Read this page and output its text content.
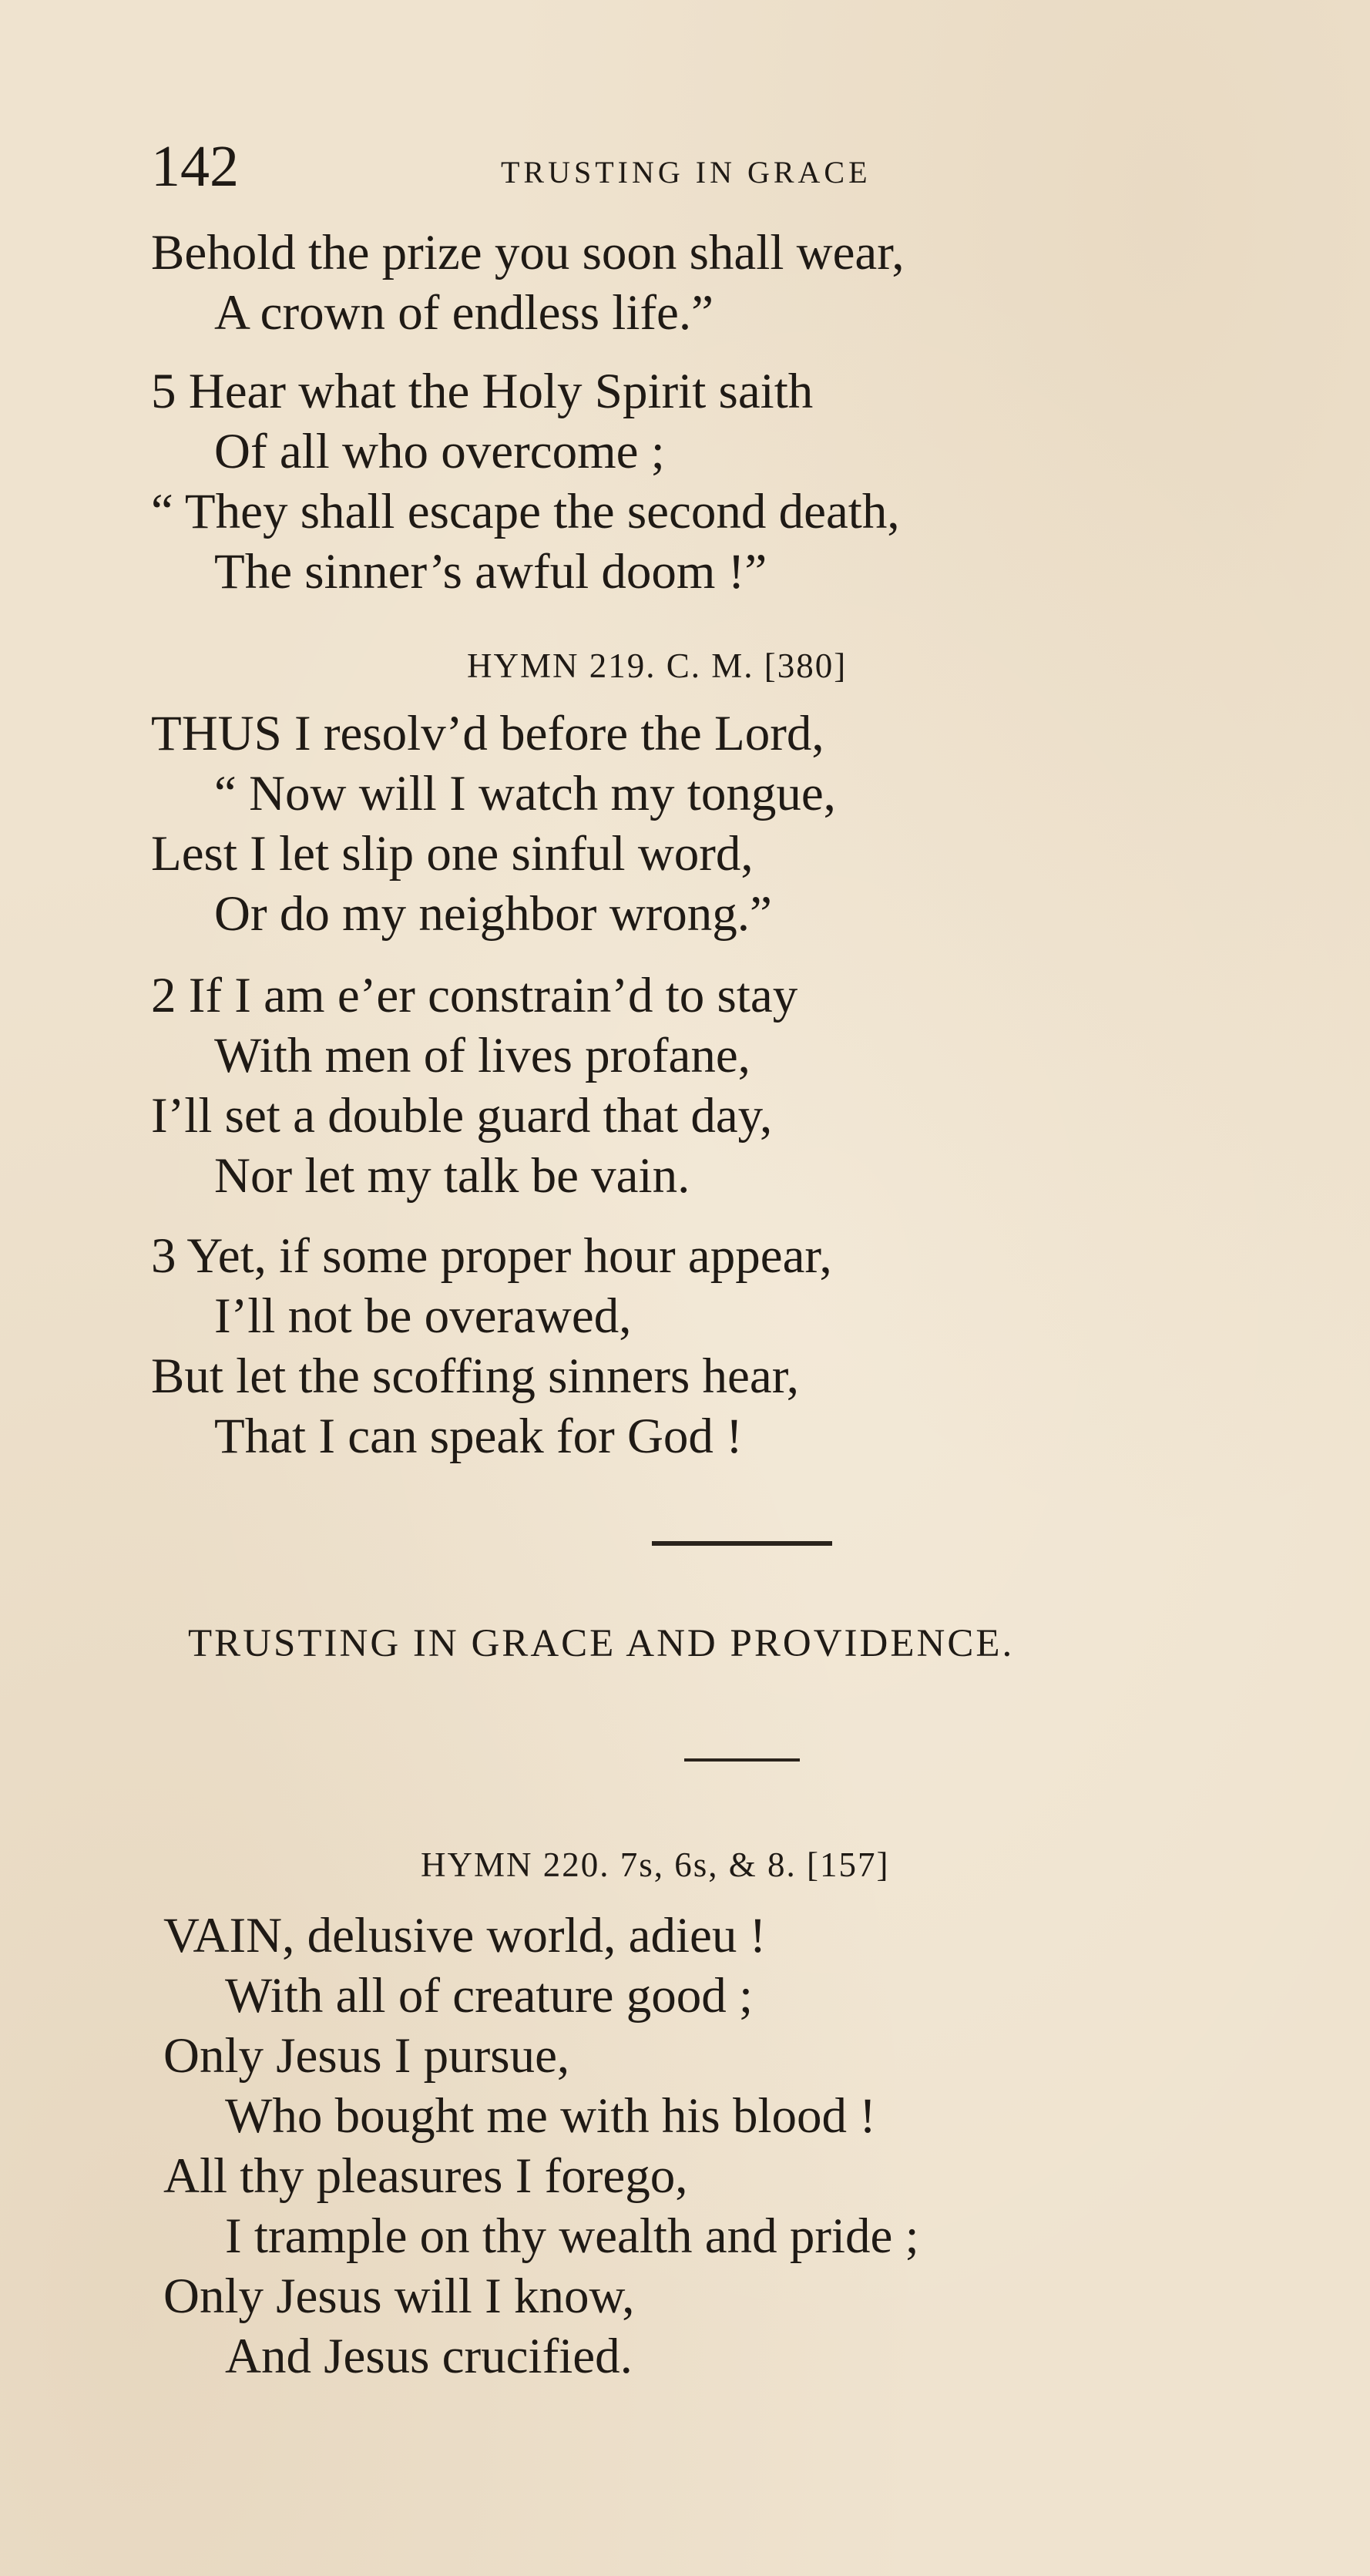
142	TRUSTING IN GRACE
Behold the prize you soon shall wear,
A crown of endless life.”
5 Hear what the Holy Spirit saith
Of all who overcome ;
“ They shall escape the second death,
The sinner’s awful doom !”
HYMN 219. C. M. [380]
THUS I resolv’d before the Lord,
“ Now will I watch my tongue,
Lest I let slip one sinful word,
Or do my neighbor wrong.”
2 If I am e’er constrain’d to stay
With men of lives profane,
I’ll set a double guard that day,
Nor let my talk be vain.
3 Yet, if some proper hour appear,
I’ll not be overawed,
But let the scoffing sinners hear,
That I can speak for God !
TRUSTING IN GRACE AND PROVIDENCE.
HYMN 220. 7s, 6s, & 8. [157]
VAIN, delusive world, adieu !
With all of creature good ;
Only Jesus I pursue,
Who bought me with his blood !
All thy pleasures I forego,
I trample on thy wealth and pride ;
Only Jesus will I know,
And Jesus crucified.
